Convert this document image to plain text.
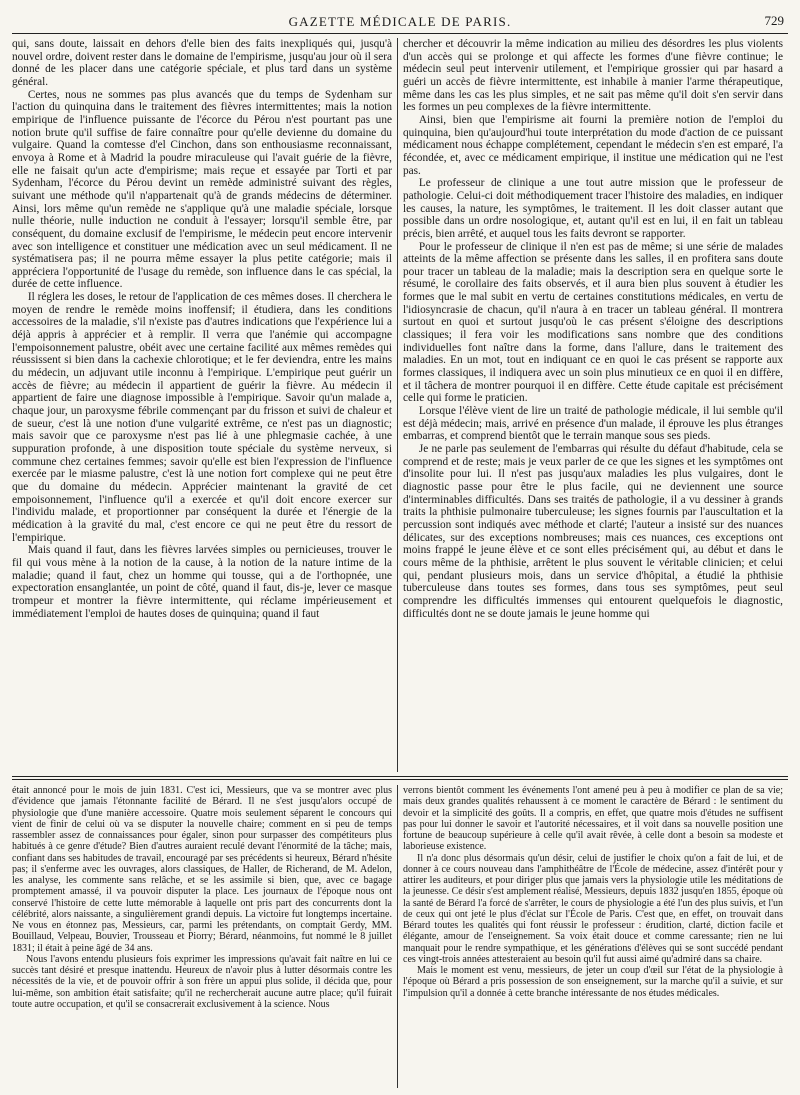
GAZETTE MÉDICALE DE PARIS.	729

qui, sans doute, laissait en dehors d'elle bien des faits inexpliqués qui, jusqu'à nouvel ordre, doivent rester dans le domaine de l'empirisme, jusqu'au jour où il sera donné de les placer dans une catégorie spéciale, et plus tard dans un système général.

Certes, nous ne sommes pas plus avancés que du temps de Sydenham sur l'action du quinquina dans le traitement des fièvres intermittentes; mais la notion empirique de l'influence puissante de l'écorce du Pérou n'est pourtant pas une notion brute qu'il suffise de faire connaître pour qu'elle devienne du domaine du vulgaire. Quand la comtesse d'el Cinchon, dans son enthousiasme reconnaissant, envoya à Rome et à Madrid la poudre miraculeuse qui l'avait guérie de la fièvre, elle ne faisait qu'un acte d'empirisme; mais reçue et essayée par Torti et par Sydenham, l'écorce du Pérou devint un remède administré suivant des règles, suivant une méthode qu'il n'appartenait qu'à de grands médecins de déterminer. Ainsi, lors même qu'un remède ne s'applique qu'à une maladie spéciale, lorsque nulle théorie, nulle induction ne conduit à l'essayer; lorsqu'il semble être, par conséquent, du domaine exclusif de l'empirisme, le médecin peut encore intervenir avec son intelligence et constituer une médication avec un seul médicament. Il ne systématisera pas; il ne pourra même essayer la plus petite catégorie; mais il appréciera l'opportunité de l'usage du remède, son influence dans le cas spécial, la durée de cette influence.

Il réglera les doses, le retour de l'application de ces mêmes doses. Il cherchera le moyen de rendre le remède moins inoffensif; il étudiera, dans les conditions accessoires de la maladie, s'il n'existe pas d'autres indications que l'expérience lui a déjà appris à apprécier et à remplir. Il verra que l'anémie qui accompagne l'empoisonnement palustre, obéit avec une certaine facilité aux mêmes remèdes qui réussissent si bien dans la cachexie chlorotique; et le fer deviendra, entre les mains du médecin, un adjuvant utile inconnu à l'empirique. L'empirique peut guérir un accès de fièvre; au médecin il appartient de guérir la fièvre. Au médecin il appartient de faire une diagnose impossible à l'empirique. Savoir qu'un malade a, chaque jour, un paroxysme fébrile commençant par du frisson et suivi de chaleur et de sueur, c'est là une notion d'une vulgarité extrême, ce n'est pas un diagnostic; mais savoir que ce paroxysme n'est pas lié à une phlegmasie cachée, à une suppuration profonde, à une disposition toute spéciale du système nerveux, si commune chez certaines femmes; savoir qu'elle est bien l'expression de l'influence exercée par le miasme palustre, c'est là une notion fort complexe qui ne peut être que du domaine du médecin. Apprécier maintenant la gravité de cet empoisonnement, l'influence qu'il a exercée et qu'il doit encore exercer sur l'individu malade, et proportionner par conséquent la durée et l'énergie de la médication à la gravité du mal, c'est encore ce qui ne peut être du ressort de l'empirique.

Mais quand il faut, dans les fièvres larvées simples ou pernicieuses, trouver le fil qui vous mène à la notion de la cause, à la notion de la nature intime de la maladie; quand il faut, chez un homme qui tousse, qui a de l'orthopnée, une expectoration ensanglantée, un point de côté, quand il faut, dis-je, lever ce masque trompeur et montrer la fièvre intermittente, qui réclame impérieusement et immédiatement l'emploi de hautes doses de quinquina; quand il faut

chercher et découvrir la même indication au milieu des désordres les plus violents d'un accès qui se prolonge et qui affecte les formes d'une fièvre continue; le médecin seul peut intervenir utilement, et l'empirique grossier qui par hasard a guéri un accès de fièvre intermittente, est inhabile à manier l'arme thérapeutique, même dans les cas les plus simples, et ne sait pas même qu'il doit s'en servir dans les formes un peu complexes de la fièvre intermittente.

Ainsi, bien que l'empirisme ait fourni la première notion de l'emploi du quinquina, bien qu'aujourd'hui toute interprétation du mode d'action de ce puissant médicament nous échappe complétement, cependant le médecin s'en est emparé, l'a fécondée, et, avec ce médicament empirique, il institue une médication qui ne l'est pas.

Le professeur de clinique a une tout autre mission que le professeur de pathologie. Celui-ci doit méthodiquement tracer l'histoire des maladies, en indiquer les causes, la nature, les symptômes, le traitement. Il les doit classer autant que possible dans un ordre nosologique, et, autant qu'il est en lui, il en fait un tableau précis, bien arrêté, et auquel tous les faits devront se rapporter.

Pour le professeur de clinique il n'en est pas de même; si une série de malades atteints de la même affection se présente dans les salles, il en profitera sans doute pour tracer un tableau de la maladie; mais la description sera en quelque sorte le résumé, le corollaire des faits observés, et il aura bien plus souvent à étudier les formes que le mal subit en vertu de certaines constitutions médicales, en vertu de l'idiosyncrasie de chacun, qu'il n'aura à en tracer un tableau général. Il montrera surtout en quoi et surtout jusqu'où le cas présent s'éloigne des descriptions classiques; il fera voir les modifications sans nombre que des conditions individuelles font naître dans la forme, dans l'allure, dans le traitement des maladies. En un mot, tout en indiquant ce en quoi le cas présent se rapporte aux formes classiques, il indiquera avec un soin plus minutieux ce en quoi il en diffère, et il tâchera de montrer pourquoi il en diffère. Cette étude capitale est précisément celle qui forme le praticien.

Lorsque l'élève vient de lire un traité de pathologie médicale, il lui semble qu'il est déjà médecin; mais, arrivé en présence d'un malade, il éprouve les plus étranges embarras, et comprend bientôt que le terrain manque sous ses pieds.

Je ne parle pas seulement de l'embarras qui résulte du défaut d'habitude, cela se comprend et de reste; mais je veux parler de ce que les signes et les symptômes ont d'insolite pour lui. Il n'est pas jusqu'aux maladies les plus vulgaires, dont le diagnostic passe pour être le plus facile, qui ne deviennent une source d'interminables difficultés. Dans ses traités de pathologie, il a vu dessiner à grands traits la phthisie pulmonaire tuberculeuse; les signes fournis par l'auscultation et la percussion sont indiqués avec méthode et clarté; l'auteur a insisté sur des nuances délicates, sur des exceptions nombreuses; mais ces nuances, ces exceptions ont moins frappé le jeune élève et ce sont elles précisément qui, au début et dans le cours même de la phthisie, arrêtent le plus souvent le véritable clinicien; et celui qui, pendant plusieurs mois, dans un service d'hôpital, a étudié la phthisie tuberculeuse dans toutes ses formes, dans tous ses symptômes, peut seul comprendre les difficultés immenses qui entourent quelquefois le diagnostic, difficultés dont ne se doute jamais le jeune homme qui

était annoncé pour le mois de juin 1831. C'est ici, Messieurs, que va se montrer avec plus d'évidence que jamais l'étonnante facilité de Bérard. Il ne s'est jusqu'alors occupé de physiologie que d'une manière accessoire. Quatre mois seulement séparent le concours qui vient de finir de celui où va se disputer la nouvelle chaire; comment en si peu de temps rassembler assez de connaissances pour égaler, sinon pour surpasser des compétiteurs plus habitués à ce genre d'étude? Bien d'autres auraient reculé devant l'énormité de la tâche; mais, confiant dans ses habitudes de travail, encouragé par ses précédents si heureux, Bérard n'hésite pas; il s'enferme avec les ouvrages, alors classiques, de Haller, de Richerand, de M. Adelon, les analyse, les commente sans relâche, et se les assimile si bien, que, avec ce bagage promptement amassé, il va pouvoir disputer la place. Les journaux de l'époque nous ont conservé l'histoire de cette lutte mémorable à laquelle ont pris part des concurrents dont la célébrité, alors naissante, a singulièrement grandi depuis. La victoire fut longtemps incertaine. Ne vous en étonnez pas, Messieurs, car, parmi les prétendants, on comptait Gerdy, MM. Bouillaud, Velpeau, Bouvier, Trousseau et Piorry; Bérard, néanmoins, fut nommé le 8 juillet 1831; il était à peine âgé de 34 ans.

Nous l'avons entendu plusieurs fois exprimer les impressions qu'avait fait naître en lui ce succès tant désiré et presque inattendu. Heureux de n'avoir plus à lutter désormais contre les nécessités de la vie, et de pouvoir offrir à son frère un appui plus solide, il décida que, pour lui-même, son ambition était satisfaite; qu'il ne rechercherait aucune autre place; qu'il fuirait toute autre occupation, et qu'il se consacrerait exclusivement à la science. Nous

verrons bientôt comment les événements l'ont amené peu à peu à modifier ce plan de sa vie; mais deux grandes qualités rehaussent à ce moment le caractère de Bérard : le sentiment du devoir et la simplicité des goûts. Il a compris, en effet, que quatre mois d'études ne suffisent pas pour lui donner le savoir et l'autorité nécessaires, et il voit dans sa nouvelle position une fortune de beaucoup supérieure à celle qu'il avait rêvée, à celle dont a besoin sa modeste et laborieuse existence.

Il n'a donc plus désormais qu'un désir, celui de justifier le choix qu'on a fait de lui, et de donner à ce cours nouveau dans l'amphithéâtre de l'École de médecine, assez d'intérêt pour y attirer les auditeurs, et pour diriger plus que jamais vers la physiologie utile les méditations de la jeunesse. Ce désir s'est amplement réalisé, Messieurs, depuis 1832 jusqu'en 1855, époque où la santé de Bérard l'a forcé de s'arrêter, le cours de physiologie a été l'un des plus suivis, et l'un de ceux qui ont jeté le plus d'éclat sur l'École de Paris. C'est que, en effet, on trouvait dans Bérard toutes les qualités qui font réussir le professeur : érudition, clarté, diction facile et élégante, amour de l'enseignement. Sa voix était douce et comme caressante; rien ne lui manquait pour le rendre sympathique, et les générations d'élèves qui se sont succédé pendant ces vingt-trois années attesteraient au besoin qu'il fut aussi aimé qu'admiré dans sa chaire.

Mais le moment est venu, messieurs, de jeter un coup d'œil sur l'état de la physiologie à l'époque où Bérard a pris possession de son enseignement, sur la marche qu'il a suivie, et sur l'impulsion qu'il a donnée à cette branche intéressante de nos études médicales.
